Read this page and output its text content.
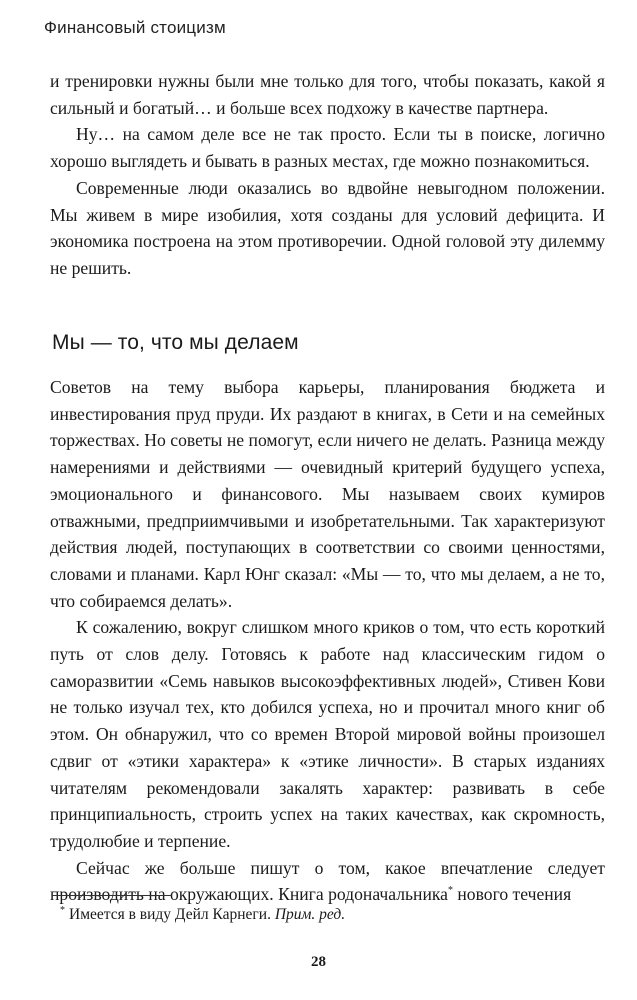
Финансовый стоицизм

и тренировки нужны были мне только для того, чтобы показать, какой я сильный и богатый… и больше всех подхожу в качестве партнера.

Ну… на самом деле все не так просто. Если ты в поиске, логично хорошо выглядеть и бывать в разных местах, где можно познакомиться.

Современные люди оказались во вдвойне невыгодном положении. Мы живем в мире изобилия, хотя созданы для условий дефицита. И экономика построена на этом противоречии. Одной головой эту дилемму не решить.

Мы — то, что мы делаем

Советов на тему выбора карьеры, планирования бюджета и инвестирования пруд пруди. Их раздают в книгах, в Сети и на семейных торжествах. Но советы не помогут, если ничего не делать. Разница между намерениями и действиями — очевидный критерий будущего успеха, эмоционального и финансового. Мы называем своих кумиров отважными, предприимчивыми и изобретательными. Так характеризуют действия людей, поступающих в соответствии со своими ценностями, словами и планами. Карл Юнг сказал: «Мы — то, что мы делаем, а не то, что собираемся делать».

К сожалению, вокруг слишком много криков о том, что есть короткий путь от слов делу. Готовясь к работе над классическим гидом о саморазвитии «Семь навыков высокоэффективных людей», Стивен Кови не только изучал тех, кто добился успеха, но и прочитал много книг об этом. Он обнаружил, что со времен Второй мировой войны произошел сдвиг от «этики характера» к «этике личности». В старых изданиях читателям рекомендовали закалять характер: развивать в себе принципиальность, строить успех на таких качествах, как скромность, трудолюбие и терпение.

Сейчас же больше пишут о том, какое впечатление следует производить на окружающих. Книга родоначальника* нового течения

* Имеется в виду Дейл Карнеги. Прим. ред.
28
